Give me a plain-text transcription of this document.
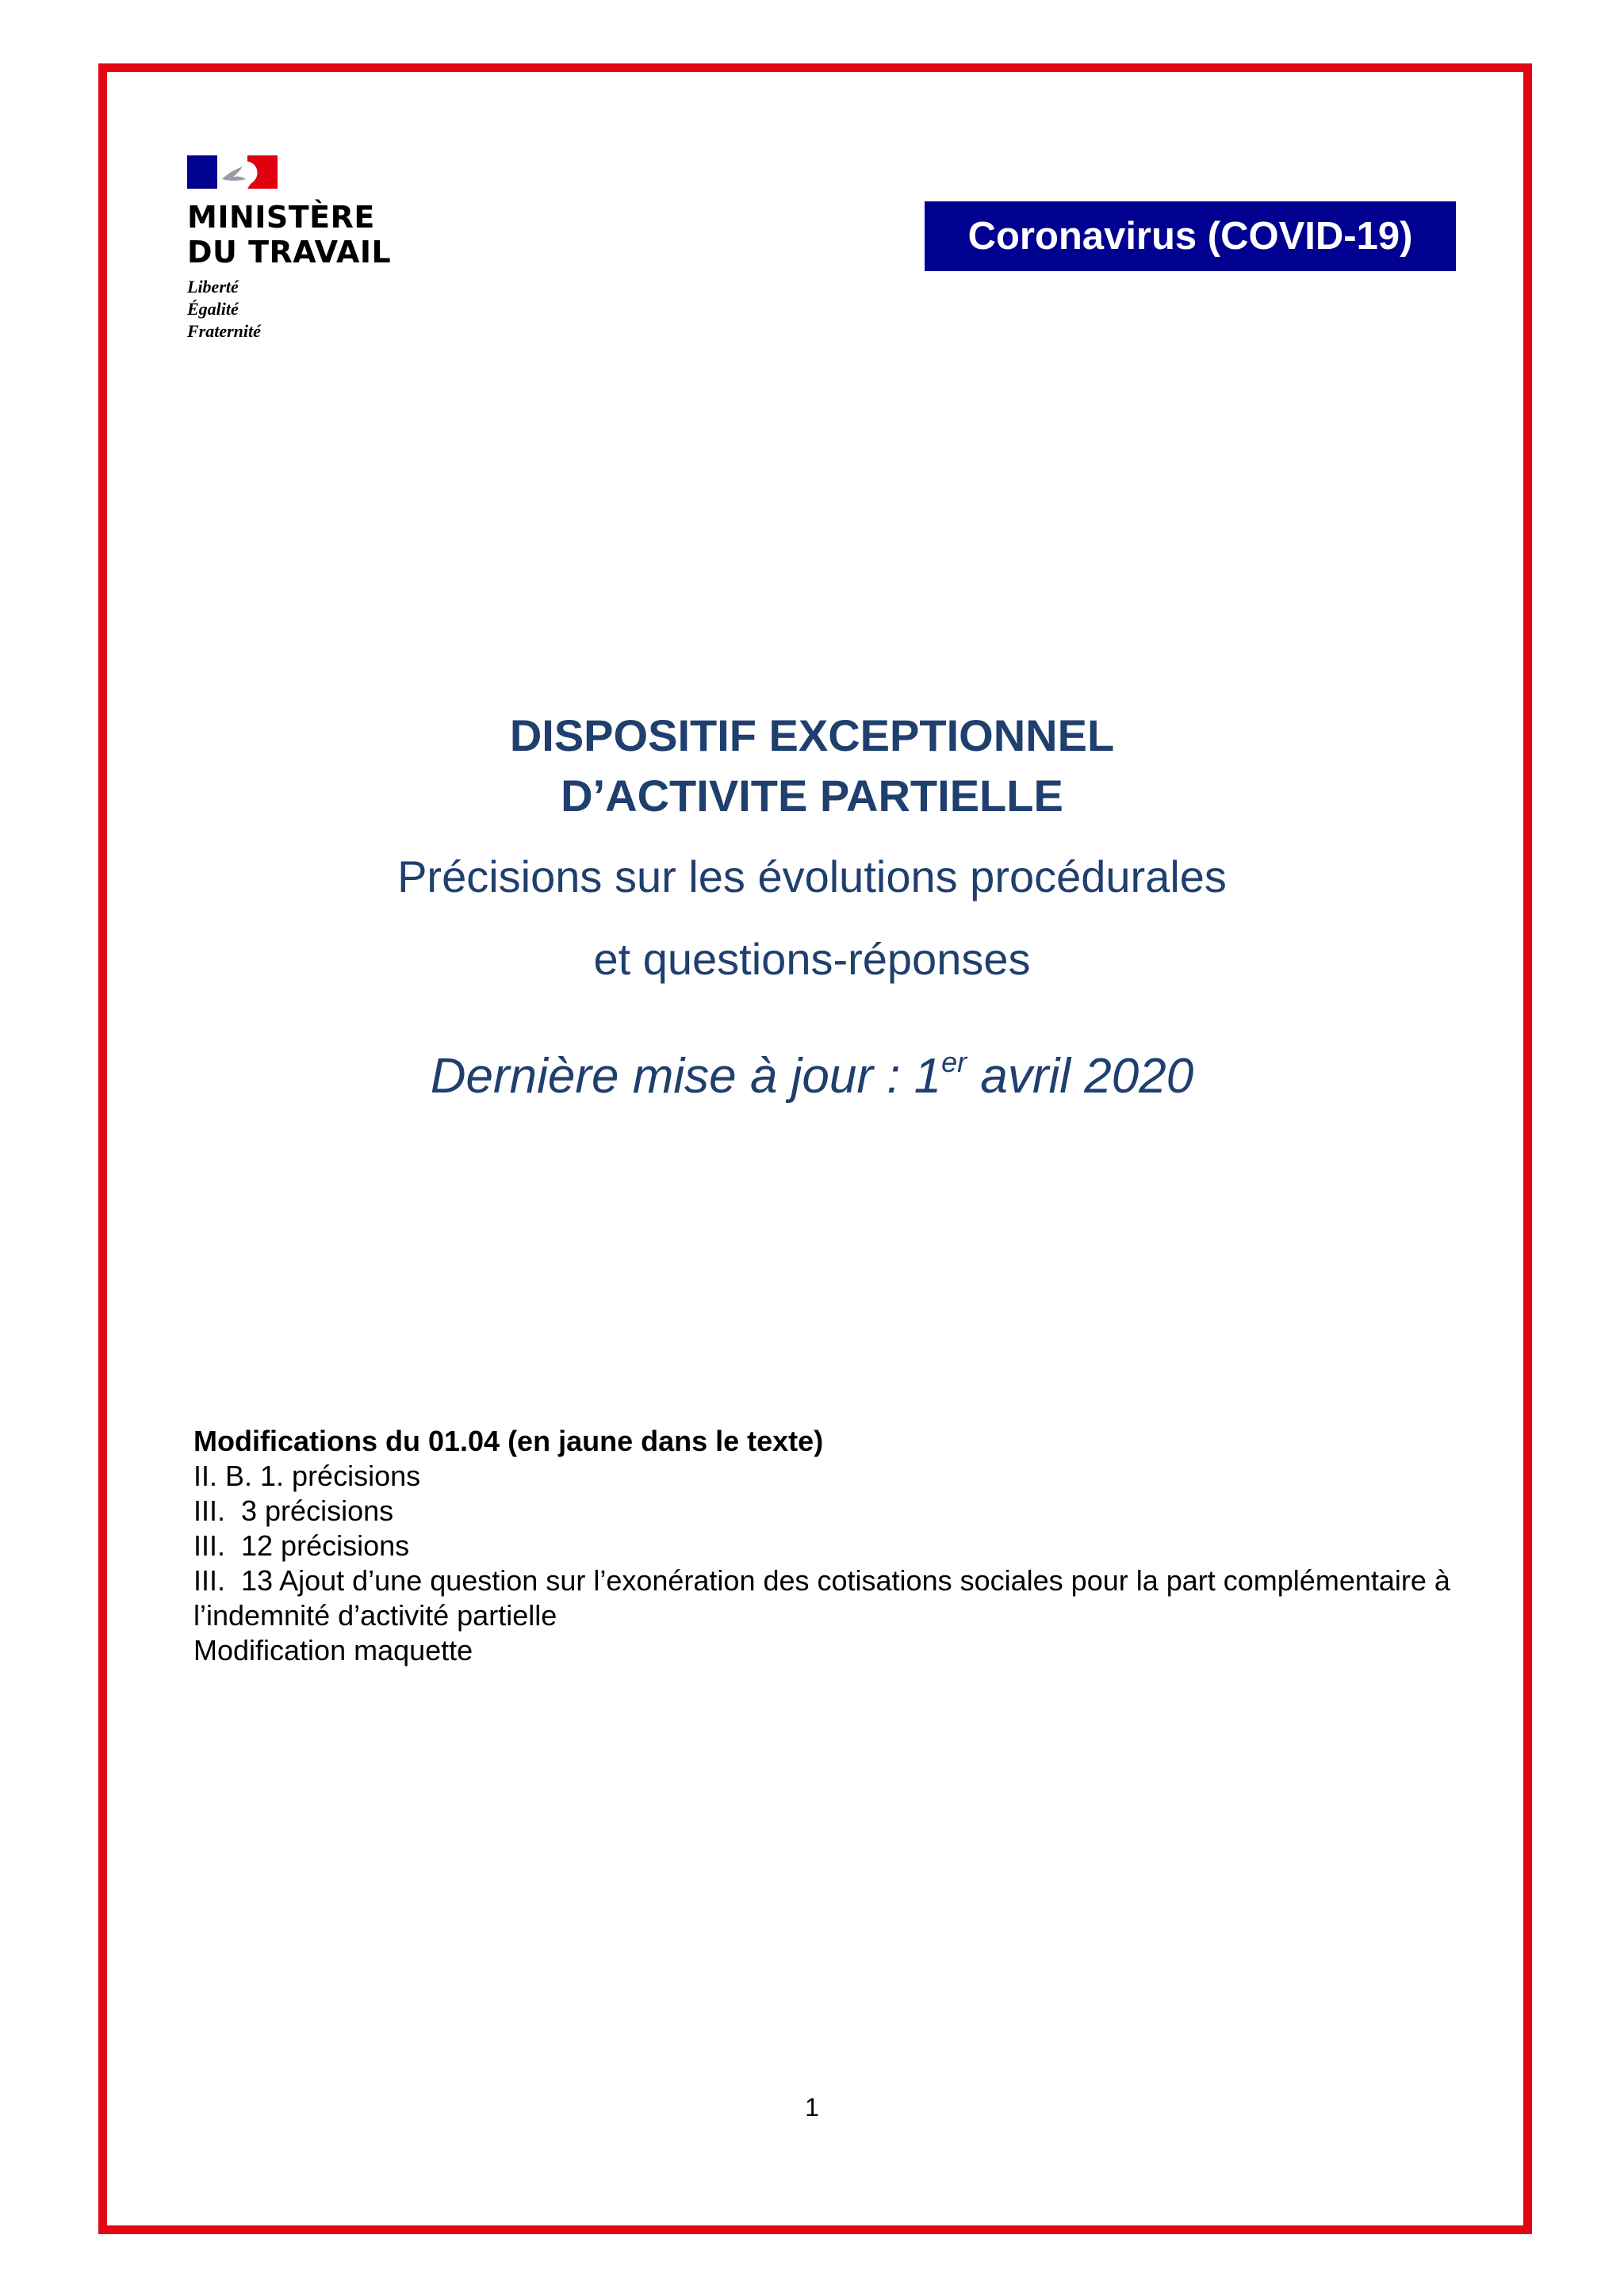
MINISTÈRE
DU TRAVAIL
Liberté
Égalité
Fraternité
Coronavirus (COVID-19)

DISPOSITIF EXCEPTIONNEL

D’ACTIVITE PARTIELLE

Précisions sur les évolutions procédurales

et questions-réponses

Dernière mise à jour : 1er avril 2020
Modifications du 01.04 (en jaune dans le texte)
II. B. 1. précisions
III.  3 précisions
III.  12 précisions
III.  13 Ajout d’une question sur l’exonération des cotisations sociales pour la part complémentaire à l’indemnité d’activité partielle
Modification maquette
1
